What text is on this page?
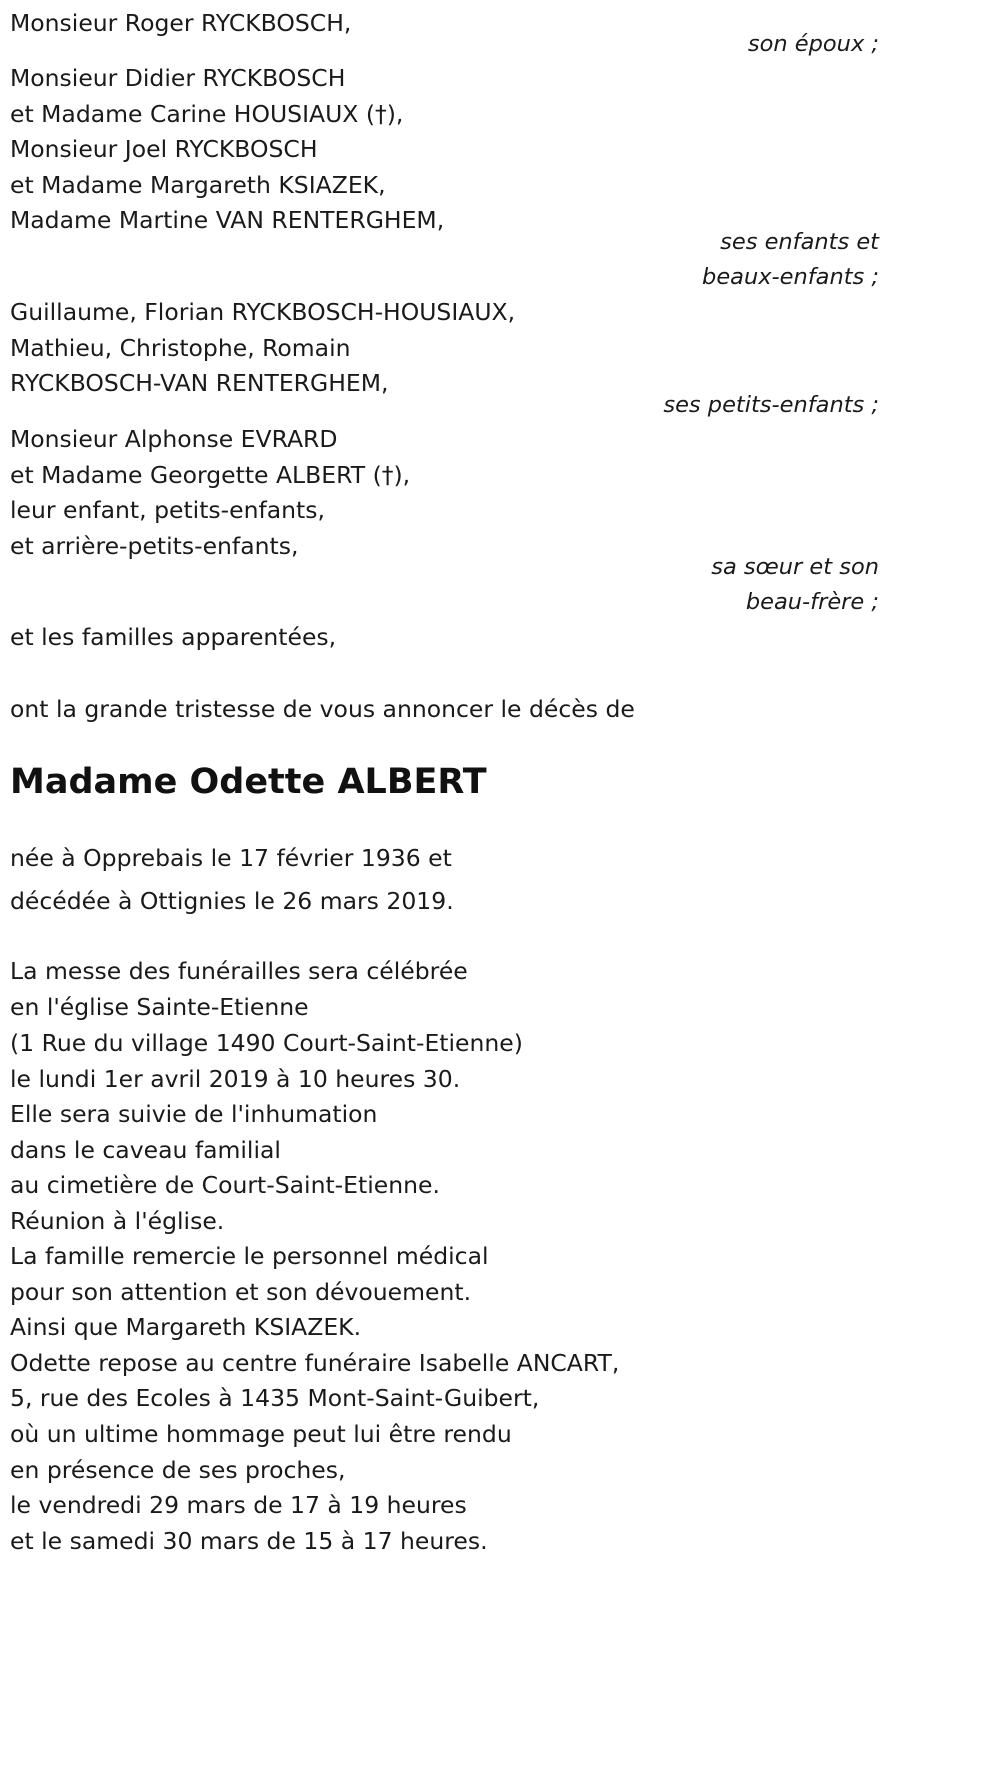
Monsieur Roger RYCKBOSCH,
son époux ;
Monsieur Didier RYCKBOSCH
et Madame Carine HOUSIAUX (†),
Monsieur Joel RYCKBOSCH
et Madame Margareth KSIAZEK,
Madame Martine VAN RENTERGHEM,
ses enfants et
beaux-enfants ;
Guillaume, Florian RYCKBOSCH-HOUSIAUX,
Mathieu, Christophe, Romain
RYCKBOSCH-VAN RENTERGHEM,
ses petits-enfants ;
Monsieur Alphonse EVRARD
et Madame Georgette ALBERT (†),
leur enfant, petits-enfants,
et arrière-petits-enfants,
sa sœur et son
beau-frère ;
et les familles apparentées,
ont la grande tristesse de vous annoncer le décès de
Madame Odette ALBERT
née à Opprebais le 17 février 1936 et
décédée à Ottignies le 26 mars 2019.
La messe des funérailles sera célébrée
en l'église Sainte-Etienne
(1 Rue du village 1490 Court-Saint-Etienne)
le lundi 1er avril 2019 à 10 heures 30.
Elle sera suivie de l'inhumation
dans le caveau familial
au cimetière de Court-Saint-Etienne.
Réunion à l'église.
La famille remercie le personnel médical
pour son attention et son dévouement.
Ainsi que Margareth KSIAZEK.
Odette repose au centre funéraire Isabelle ANCART,
5, rue des Ecoles à 1435 Mont-Saint-Guibert,
où un ultime hommage peut lui être rendu
en présence de ses proches,
le vendredi 29 mars de 17 à 19 heures
et le samedi 30 mars de 15 à 17 heures.
